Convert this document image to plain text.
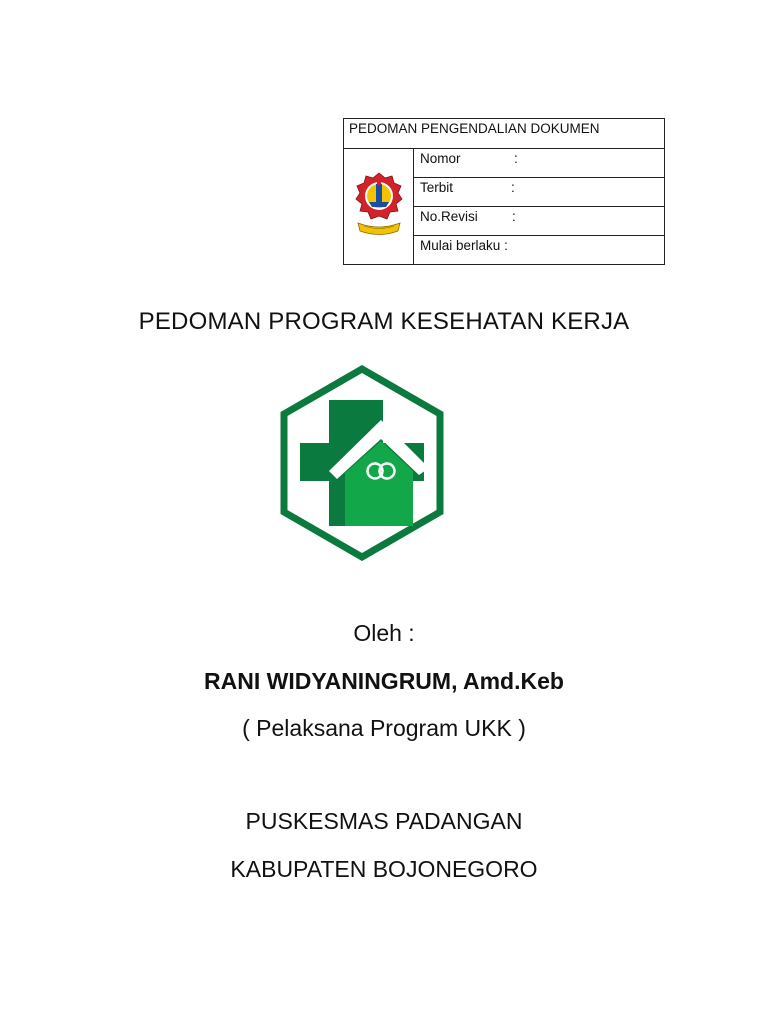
PEDOMAN PENGENDALIAN DOKUMEN
	Nomor	:
Terbit	:
No.Revisi	:
Mulai berlaku :
PEDOMAN PROGRAM KESEHATAN KERJA
Oleh :
RANI WIDYANINGRUM, Amd.Keb
( Pelaksana Program UKK )
PUSKESMAS PADANGAN
KABUPATEN BOJONEGORO
